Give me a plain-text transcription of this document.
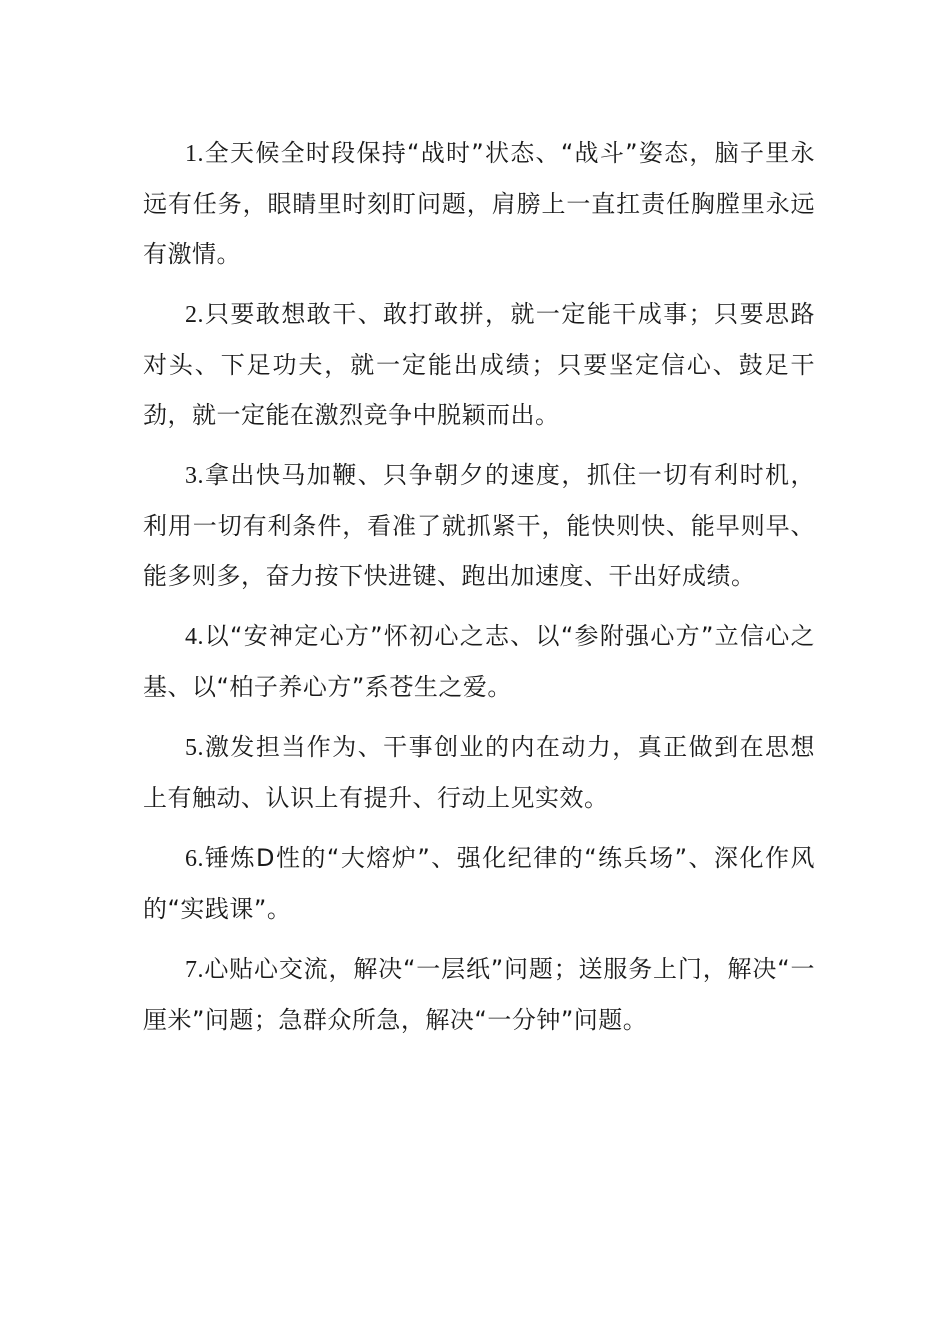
1.全天候全时段保持“战时”状态、“战斗”姿态，脑子里永远有任务，眼睛里时刻盯问题，肩膀上一直扛责任胸膛里永远有激情。

2.只要敢想敢干、敢打敢拼，就一定能干成事；只要思路对头、下足功夫，就一定能出成绩；只要坚定信心、鼓足干劲，就一定能在激烈竞争中脱颖而出。

3.拿出快马加鞭、只争朝夕的速度，抓住一切有利时机，利用一切有利条件，看准了就抓紧干，能快则快、能早则早、能多则多，奋力按下快进键、跑出加速度、干出好成绩。

4.以“安神定心方”怀初心之志、以“参附强心方”立信心之基、以“柏子养心方”系苍生之爱。

5.激发担当作为、干事创业的内在动力，真正做到在思想上有触动、认识上有提升、行动上见实效。

6.锤炼D性的“大熔炉”、强化纪律的“练兵场”、深化作风的“实践课”。

7.心贴心交流，解决“一层纸”问题；送服务上门，解决“一厘米”问题；急群众所急，解决“一分钟”问题。
